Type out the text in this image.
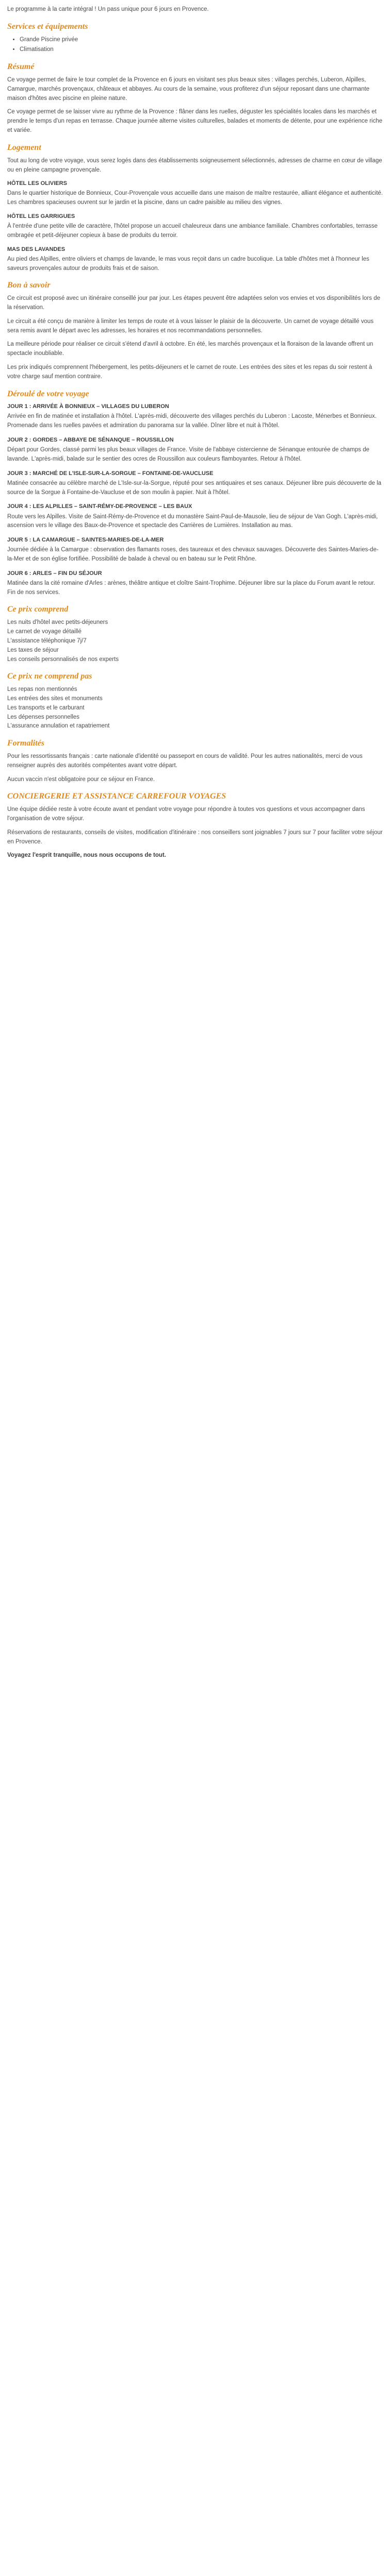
Le programme à la carte intégral ! Un pass unique pour 6 jours en Provence.

Services et équipements
• Grande Piscine privée
• Climatisation
Résumé

Ce voyage permet de faire le tour complet de la Provence en 6 jours en visitant ses plus beaux sites : villages perchés, Luberon, Alpilles, Camargue, marchés provençaux, châteaux et abbayes. Au cours de la semaine, vous profiterez d'un séjour reposant dans une charmante maison d'hôtes avec piscine en pleine nature.

Ce voyage permet de se laisser vivre au rythme de la Provence : flâner dans les ruelles, déguster les spécialités locales dans les marchés et prendre le temps d'un repas en terrasse. Chaque journée alterne visites culturelles, balades et moments de détente, pour une expérience riche et variée.

Logement

Tout au long de votre voyage, vous serez logés dans des établissements soigneusement sélectionnés, adresses de charme en cœur de village ou en pleine campagne provençale.

HÔTEL LES OLIVIERS

Dans le quartier historique de Bonnieux, Cour-Provençale vous accueille dans une maison de maître restaurée, alliant élégance et authenticité. Les chambres spacieuses ouvrent sur le jardin et la piscine, dans un cadre paisible au milieu des vignes.

HÔTEL LES GARRIGUES

À l'entrée d'une petite ville de caractère, l'hôtel propose un accueil chaleureux dans une ambiance familiale. Chambres confortables, terrasse ombragée et petit-déjeuner copieux à base de produits du terroir.

MAS DES LAVANDES

Au pied des Alpilles, entre oliviers et champs de lavande, le mas vous reçoit dans un cadre bucolique. La table d'hôtes met à l'honneur les saveurs provençales autour de produits frais et de saison.

Bon à savoir

Ce circuit est proposé avec un itinéraire conseillé jour par jour. Les étapes peuvent être adaptées selon vos envies et vos disponibilités lors de la réservation.

Le circuit a été conçu de manière à limiter les temps de route et à vous laisser le plaisir de la découverte. Un carnet de voyage détaillé vous sera remis avant le départ avec les adresses, les horaires et nos recommandations personnelles.

La meilleure période pour réaliser ce circuit s'étend d'avril à octobre. En été, les marchés provençaux et la floraison de la lavande offrent un spectacle inoubliable.

Les prix indiqués comprennent l'hébergement, les petits-déjeuners et le carnet de route. Les entrées des sites et les repas du soir restent à votre charge sauf mention contraire.

Déroulé de votre voyage

JOUR 1 : ARRIVÉE À BONNIEUX – VILLAGES DU LUBERON

Arrivée en fin de matinée et installation à l'hôtel. L'après-midi, découverte des villages perchés du Luberon : Lacoste, Ménerbes et Bonnieux. Promenade dans les ruelles pavées et admiration du panorama sur la vallée. Dîner libre et nuit à l'hôtel.

JOUR 2 : GORDES – ABBAYE DE SÉNANQUE – ROUSSILLON

Départ pour Gordes, classé parmi les plus beaux villages de France. Visite de l'abbaye cistercienne de Sénanque entourée de champs de lavande. L'après-midi, balade sur le sentier des ocres de Roussillon aux couleurs flamboyantes. Retour à l'hôtel.

JOUR 3 : MARCHÉ DE L'ISLE-SUR-LA-SORGUE – FONTAINE-DE-VAUCLUSE

Matinée consacrée au célèbre marché de L'Isle-sur-la-Sorgue, réputé pour ses antiquaires et ses canaux. Déjeuner libre puis découverte de la source de la Sorgue à Fontaine-de-Vaucluse et de son moulin à papier. Nuit à l'hôtel.

JOUR 4 : LES ALPILLES – SAINT-RÉMY-DE-PROVENCE – LES BAUX

Route vers les Alpilles. Visite de Saint-Rémy-de-Provence et du monastère Saint-Paul-de-Mausole, lieu de séjour de Van Gogh. L'après-midi, ascension vers le village des Baux-de-Provence et spectacle des Carrières de Lumières. Installation au mas.

JOUR 5 : LA CAMARGUE – SAINTES-MARIES-DE-LA-MER

Journée dédiée à la Camargue : observation des flamants roses, des taureaux et des chevaux sauvages. Découverte des Saintes-Maries-de-la-Mer et de son église fortifiée. Possibilité de balade à cheval ou en bateau sur le Petit Rhône.

JOUR 6 : ARLES – FIN DU SÉJOUR

Matinée dans la cité romaine d'Arles : arènes, théâtre antique et cloître Saint-Trophime. Déjeuner libre sur la place du Forum avant le retour. Fin de nos services.

Ce prix comprend
Les nuits d'hôtel avec petits-déjeuners
Le carnet de voyage détaillé
L'assistance téléphonique 7j/7
Les taxes de séjour
Les conseils personnalisés de nos experts
Ce prix ne comprend pas
Les repas non mentionnés
Les entrées des sites et monuments
Les transports et le carburant
Les dépenses personnelles
L'assurance annulation et rapatriement
Formalités

Pour les ressortissants français : carte nationale d'identité ou passeport en cours de validité. Pour les autres nationalités, merci de vous renseigner auprès des autorités compétentes avant votre départ.

Aucun vaccin n'est obligatoire pour ce séjour en France.

CONCIERGERIE ET ASSISTANCE CARREFOUR VOYAGES

Une équipe dédiée reste à votre écoute avant et pendant votre voyage pour répondre à toutes vos questions et vous accompagner dans l'organisation de votre séjour.

Réservations de restaurants, conseils de visites, modification d'itinéraire : nos conseillers sont joignables 7 jours sur 7 pour faciliter votre séjour en Provence.

Voyagez l'esprit tranquille, nous nous occupons de tout.
